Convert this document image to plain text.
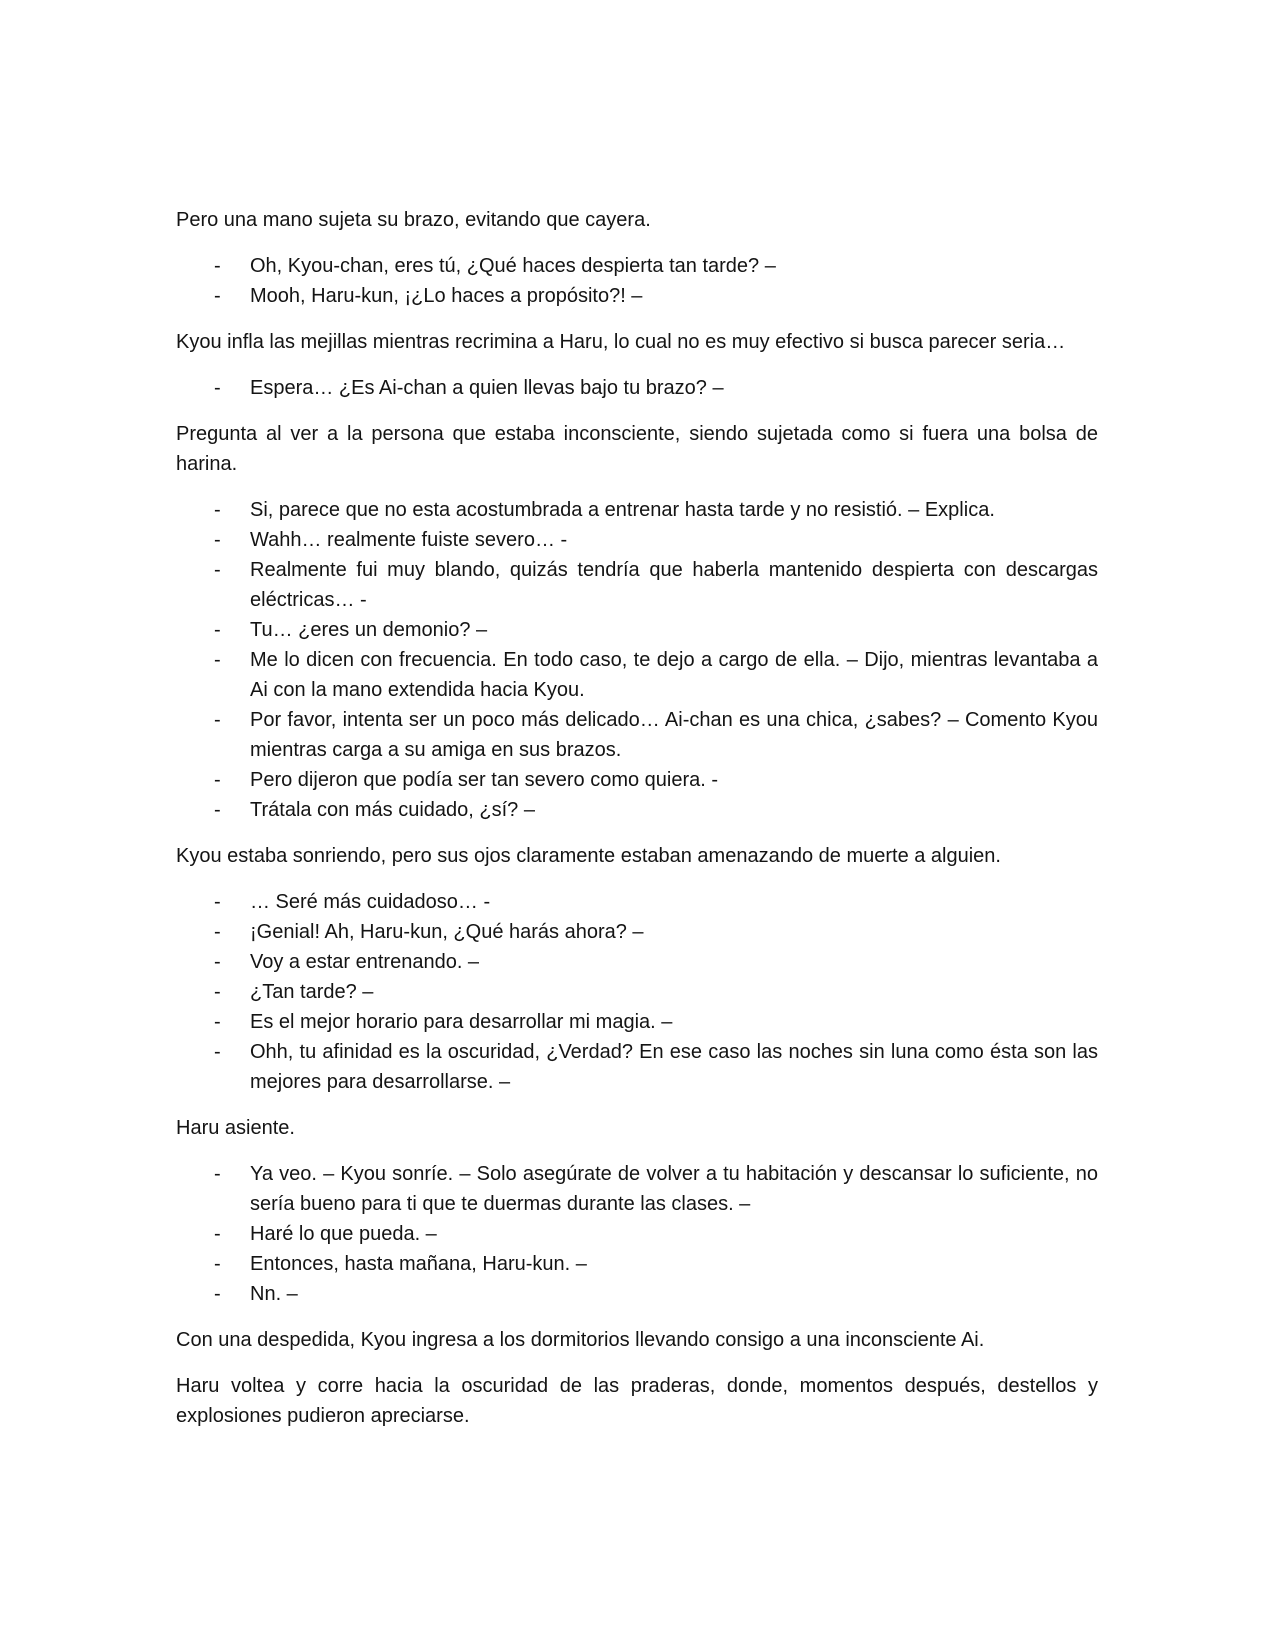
Pero una mano sujeta su brazo, evitando que cayera.

- Oh, Kyou-chan, eres tú, ¿Qué haces despierta tan tarde? –
- Mooh, Haru-kun, ¡¿Lo haces a propósito?! –

Kyou infla las mejillas mientras recrimina a Haru, lo cual no es muy efectivo si busca parecer seria…

- Espera… ¿Es Ai-chan a quien llevas bajo tu brazo? –

Pregunta al ver a la persona que estaba inconsciente, siendo sujetada como si fuera una bolsa de harina.

- Si, parece que no esta acostumbrada a entrenar hasta tarde y no resistió. – Explica.
- Wahh… realmente fuiste severo… -
- Realmente fui muy blando, quizás tendría que haberla mantenido despierta con descargas eléctricas… -
- Tu… ¿eres un demonio? –
- Me lo dicen con frecuencia. En todo caso, te dejo a cargo de ella. – Dijo, mientras levantaba a Ai con la mano extendida hacia Kyou.
- Por favor, intenta ser un poco más delicado… Ai-chan es una chica, ¿sabes? – Comento Kyou mientras carga a su amiga en sus brazos.
- Pero dijeron que podía ser tan severo como quiera. -
- Trátala con más cuidado, ¿sí? –

Kyou estaba sonriendo, pero sus ojos claramente estaban amenazando de muerte a alguien.

- … Seré más cuidadoso… -
- ¡Genial! Ah, Haru-kun, ¿Qué harás ahora? –
- Voy a estar entrenando. –
- ¿Tan tarde? –
- Es el mejor horario para desarrollar mi magia. –
- Ohh, tu afinidad es la oscuridad, ¿Verdad? En ese caso las noches sin luna como ésta son las mejores para desarrollarse. –

Haru asiente.

- Ya veo. – Kyou sonríe. – Solo asegúrate de volver a tu habitación y descansar lo suficiente, no sería bueno para ti que te duermas durante las clases. –
- Haré lo que pueda. –
- Entonces, hasta mañana, Haru-kun. –
- Nn. –

Con una despedida, Kyou ingresa a los dormitorios llevando consigo a una inconsciente Ai.

Haru voltea y corre hacia la oscuridad de las praderas, donde, momentos después, destellos y explosiones pudieron apreciarse.
